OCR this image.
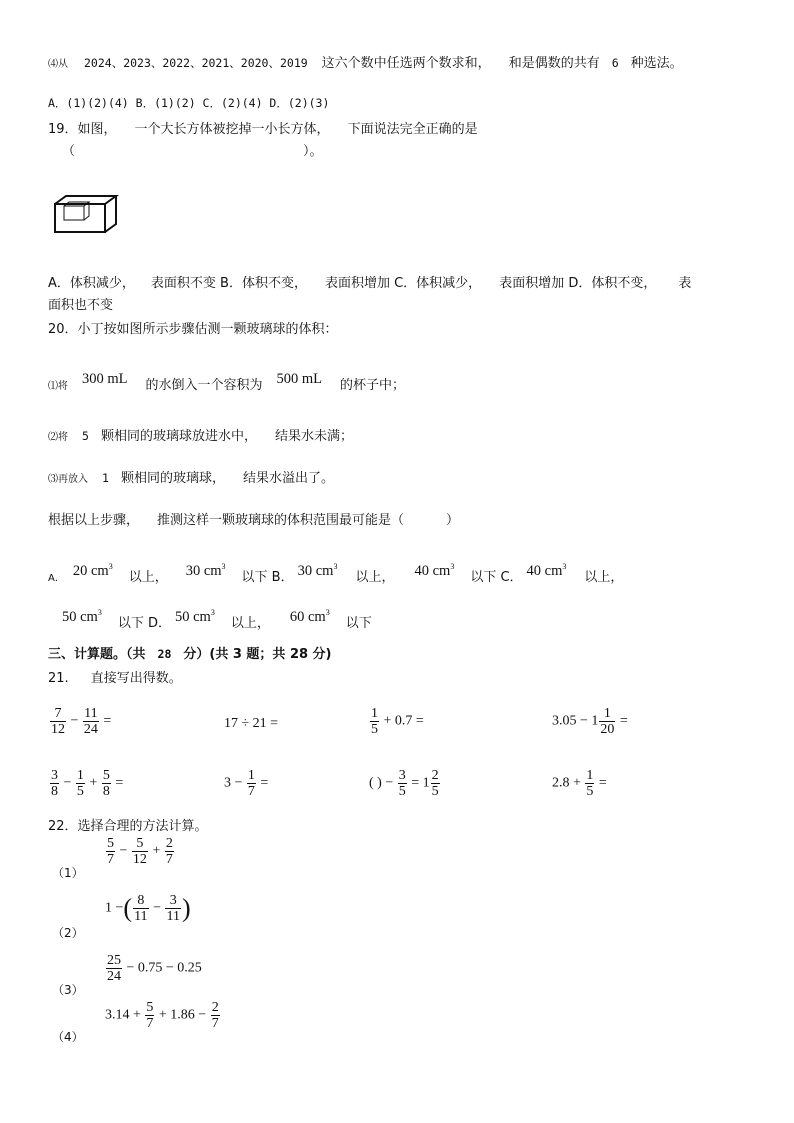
⑷从 2024、2023、2022、2021、2020、2019 这六个数中任选两个数求和， 和是偶数的共有 6 种选法。
A．(1)(2)(4) B．(1)(2) C．(2)(4) D．(2)(3)
19．如图， 一个大长方体被挖掉一小长方体， 下面说法完全正确的是
（	）。
A．体积减少， 表面积不变 B．体积不变， 表面积增加 C．体积减少， 表面积增加 D．体积不变， 表
面积也不变
20．小丁按如图所示步骤估测一颗玻璃球的体积：
⑴将 300 mL 的水倒入一个容积为 500 mL 的杯子中；
⑵将 5 颗相同的玻璃球放进水中， 结果水未满；
⑶再放入 1 颗相同的玻璃球， 结果水溢出了。
根据以上步骤， 推测这样一颗玻璃球的体积范围最可能是（	）
A． 20 $cm^3$以上， 30 $cm^3$以下 B． 30 $cm^3$以上， 40 $cm^3$以下 C． 40 $cm^3$以上，
50 $cm^3$以下 D． 50 $cm^3$以上， 60 $cm^3$以下
三、计算题。（共 28 分）(共 3 题；共 28 分)
21. 直接写出得数。
$\frac{7}{12} - \frac{11}{24}$ =	17 ÷ 21 =	$\frac{1}{5} + 0.7$ =	$3.05 - 1 \frac{1}{20}$ =
$\frac{3}{8} - \frac{1}{5} + \frac{5}{8}$ =	$3 - \frac{1}{7}$ =	( ) − $\frac{3}{5} = 1 \frac{2}{5}$	$2.8 + \frac{1}{5}$ =
22．选择合理的方法计算。
$\frac{5}{7} - \frac{5}{12} + \frac{2}{7}$
（1）
1 −( $\frac{8}{11} - \frac{3}{11}$ )
（2）
$\frac{25}{24} - 0.75 - 0.25$
（3）
$3.14 + \frac{5}{7} + 1.86 - \frac{2}{7}$
（4）
